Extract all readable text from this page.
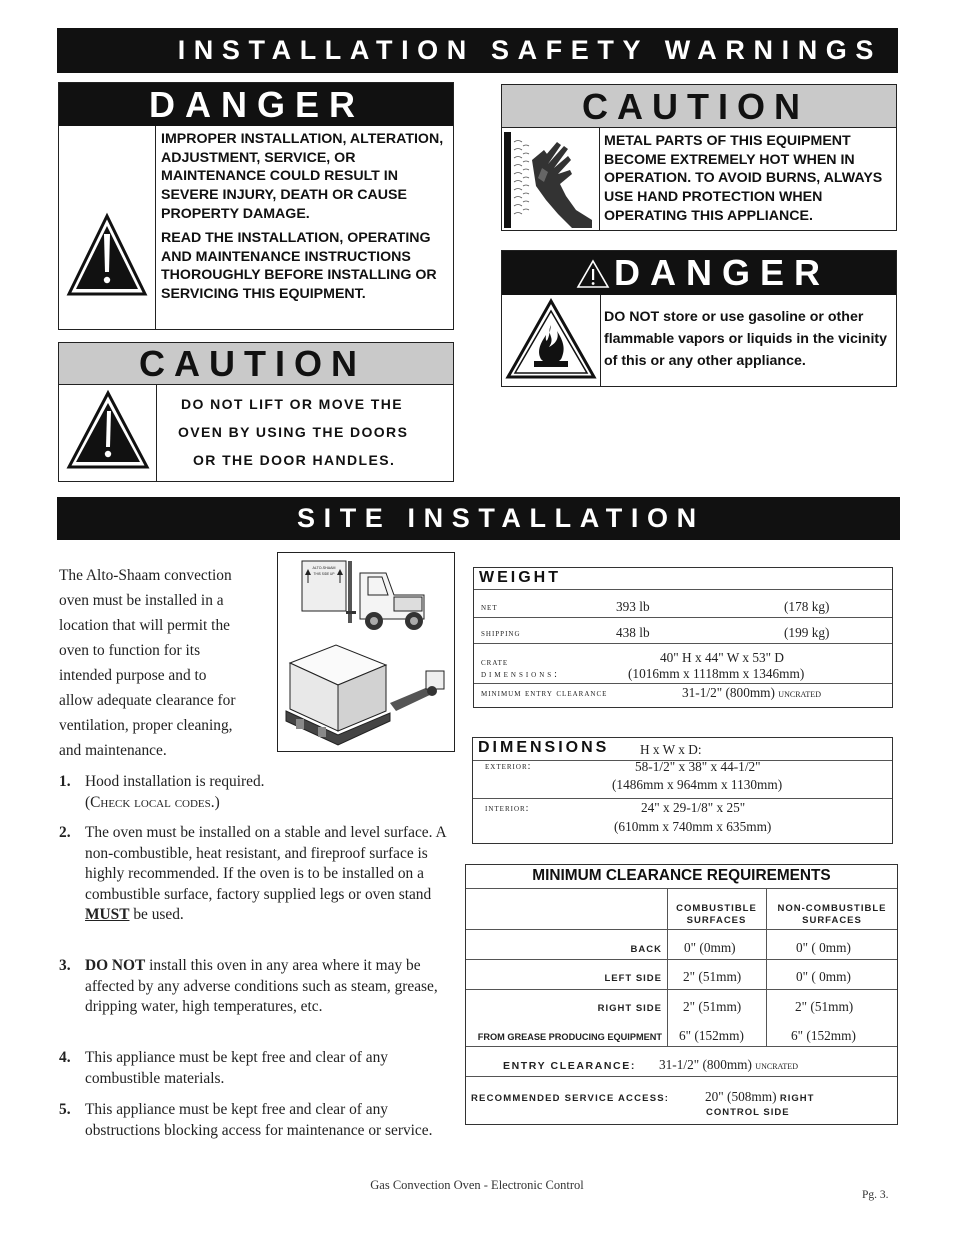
INSTALLATION SAFETY WARNINGS
DANGER
IMPROPER INSTALLATION, ALTERATION, ADJUSTMENT, SERVICE, OR MAINTENANCE COULD RESULT IN SEVERE INJURY, DEATH OR CAUSE PROPERTY DAMAGE.
READ THE INSTALLATION, OPERATING AND MAINTENANCE INSTRUCTIONS THOROUGHLY BEFORE INSTALLING OR SERVICING THIS EQUIPMENT.
CAUTION
DO NOT LIFT OR MOVE THE
OVEN BY USING THE DOORS
OR THE DOOR HANDLES.
CAUTION
METAL PARTS OF THIS EQUIPMENT BECOME EXTREMELY HOT WHEN IN OPERATION. TO AVOID BURNS, ALWAYS USE HAND PROTECTION WHEN OPERATING THIS APPLIANCE.
DANGER
DO NOT store or use gasoline or other flammable vapors or liquids in the vicinity of this or any other appliance.
SITE INSTALLATION
The Alto-Shaam convection
oven must be installed in a
location that will permit the
oven to function for its
intended purpose and to
allow adequate clearance for
ventilation, proper cleaning,
and maintenance.
ALTO-SHAAM
THIS SIDE UP
1. Hood installation is required.
(Check local codes.)
2. The oven must be installed on a stable and level surface. A non-combustible, heat resistant, and fireproof surface is highly recommended. If the oven is to be installed on a combustible surface, factory supplied legs or oven stand MUST be used.
3. DO NOT install this oven in any area where it may be affected by any adverse conditions such as steam, grease, dripping water, high temperatures, etc.
4. This appliance must be kept free and clear of any combustible materials.
5. This appliance must be kept free and clear of any obstructions blocking access for maintenance or service.
WEIGHT
net	393 lb	(178 kg)
shipping	438 lb	(199 kg)
crate
dimensions:
40" H x 44" W x 53" D
(1016mm x 1118mm x 1346mm)
minimum entry clearance	31-1/2" (800mm) uncrated
DIMENSIONS H x W x D:
exterior:	58-1/2" x 38" x 44-1/2"
(1486mm x 964mm x 1130mm)
interior:	24" x 29-1/8" x 25"
(610mm x 740mm x 635mm)
MINIMUM CLEARANCE REQUIREMENTS
COMBUSTIBLE
SURFACES
NON-COMBUSTIBLE
SURFACES
BACK 0" (0mm)	0" ( 0mm)
LEFT SIDE 2" (51mm)	0" ( 0mm)
RIGHT SIDE 2" (51mm)	2" (51mm)
FROM GREASE PRODUCING EQUIPMENT 6" (152mm)	6" (152mm)
ENTRY CLEARANCE: 31-1/2" (800mm) uncrated
RECOMMENDED SERVICE ACCESS:	20" (508mm) RIGHT
CONTROL SIDE
Gas Convection Oven - Electronic Control
Pg. 3.
